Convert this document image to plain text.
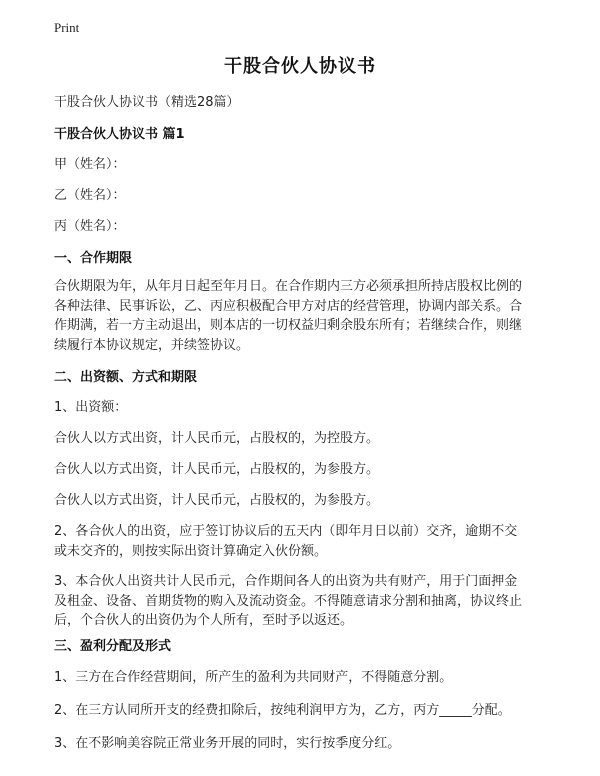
Print
干股合伙人协议书
干股合伙人协议书（精选28篇）
干股合伙人协议书 篇1
甲（姓名）：
乙（姓名）：
丙（姓名）：
一、合作期限
合伙期限为年，从年月日起至年月日。在合作期内三方必须承担所持店股权比例的
各种法律、民事诉讼，乙、丙应积极配合甲方对店的经营管理，协调内部关系。合
作期满，若一方主动退出，则本店的一切权益归剩余股东所有；若继续合作，则继
续履行本协议规定，并续签协议。
二、出资额、方式和期限
1、出资额：
合伙人以方式出资，计人民币元，占股权的，为控股方。
合伙人以方式出资，计人民币元，占股权的，为参股方。
合伙人以方式出资，计人民币元，占股权的，为参股方。
2、各合伙人的出资，应于签订协议后的五天内（即年月日以前）交齐，逾期不交
或未交齐的，则按实际出资计算确定入伙份额。
3、本合伙人出资共计人民币元，合作期间各人的出资为共有财产，用于门面押金
及租金、设备、首期货物的购入及流动资金。不得随意请求分割和抽离，协议终止
后，个合伙人的出资仍为个人所有，至时予以返还。
三、盈利分配及形式
1、三方在合作经营期间，所产生的盈利为共同财产，不得随意分割。
2、在三方认同所开支的经费扣除后，按纯利润甲方为，乙方，丙方_____分配。
3、在不影响美容院正常业务开展的同时，实行按季度分红。
